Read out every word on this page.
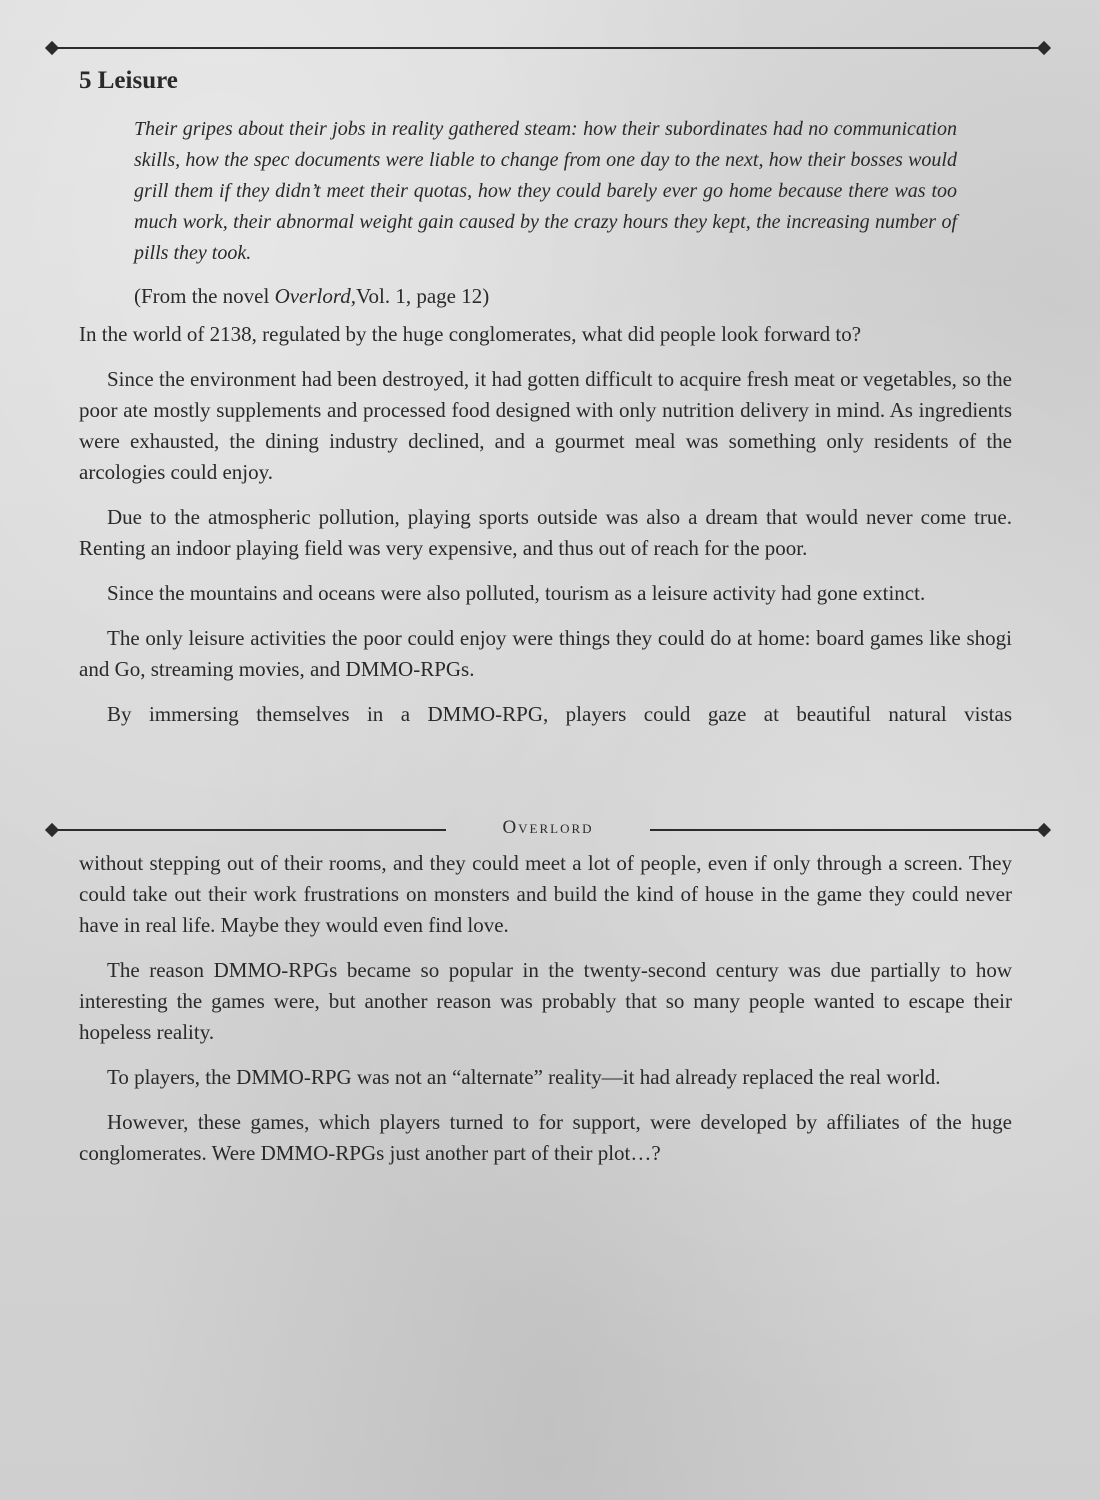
5 Leisure
Their gripes about their jobs in reality gathered steam: how their subordinates had no communication skills, how the spec documents were liable to change from one day to the next, how their bosses would grill them if they didn’t meet their quotas, how they could barely ever go home because there was too much work, their abnormal weight gain caused by the crazy hours they kept, the increasing number of pills they took.
(From the novel Overlord,Vol. 1, page 12)

In the world of 2138, regulated by the huge conglomerates, what did people look forward to?

Since the environment had been destroyed, it had gotten difficult to acquire fresh meat or vegetables, so the poor ate mostly supplements and processed food designed with only nutrition delivery in mind. As ingredients were exhausted, the dining industry declined, and a gourmet meal was something only residents of the arcologies could enjoy.

Due to the atmospheric pollution, playing sports outside was also a dream that would never come true. Renting an indoor playing field was very expensive, and thus out of reach for the poor.

Since the mountains and oceans were also polluted, tourism as a leisure activity had gone extinct.

The only leisure activities the poor could enjoy were things they could do at home: board games like shogi and Go, streaming movies, and DMMO-RPGs.

By immersing themselves in a DMMO-RPG, players could gaze at beautiful natural vistas

Overlord

without stepping out of their rooms, and they could meet a lot of people, even if only through a screen. They could take out their work frustrations on monsters and build the kind of house in the game they could never have in real life. Maybe they would even find love.

The reason DMMO-RPGs became so popular in the twenty-second century was due partially to how interesting the games were, but another reason was probably that so many people wanted to escape their hopeless reality.

To players, the DMMO-RPG was not an “alternate” reality—it had already replaced the real world.

However, these games, which players turned to for support, were developed by affiliates of the huge conglomerates. Were DMMO-RPGs just another part of their plot…?
